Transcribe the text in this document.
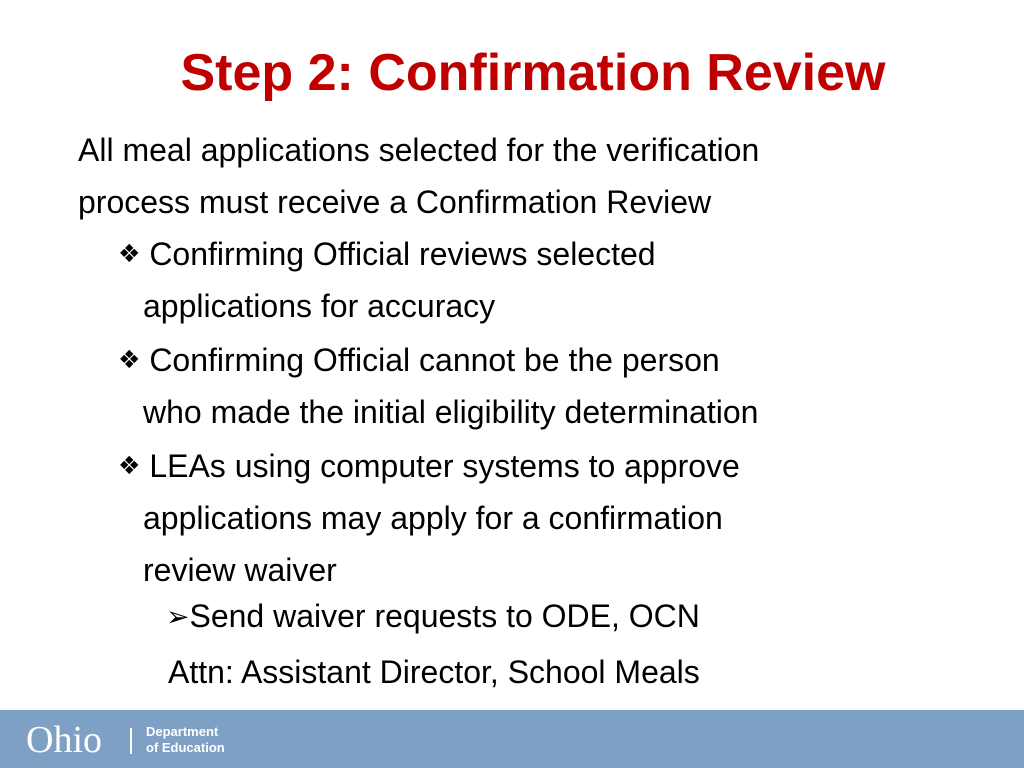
Step 2: Confirmation Review
All meal applications selected for the verification
process must receive a Confirmation Review
❖ Confirming Official reviews selected
applications for accuracy
❖ Confirming Official cannot be the person
who made the initial eligibility determination
❖ LEAs using computer systems to approve
applications may apply for a confirmation
review waiver
➢Send waiver requests to ODE, OCN
Attn: Assistant Director, School Meals
Ohio	Department
of Education
